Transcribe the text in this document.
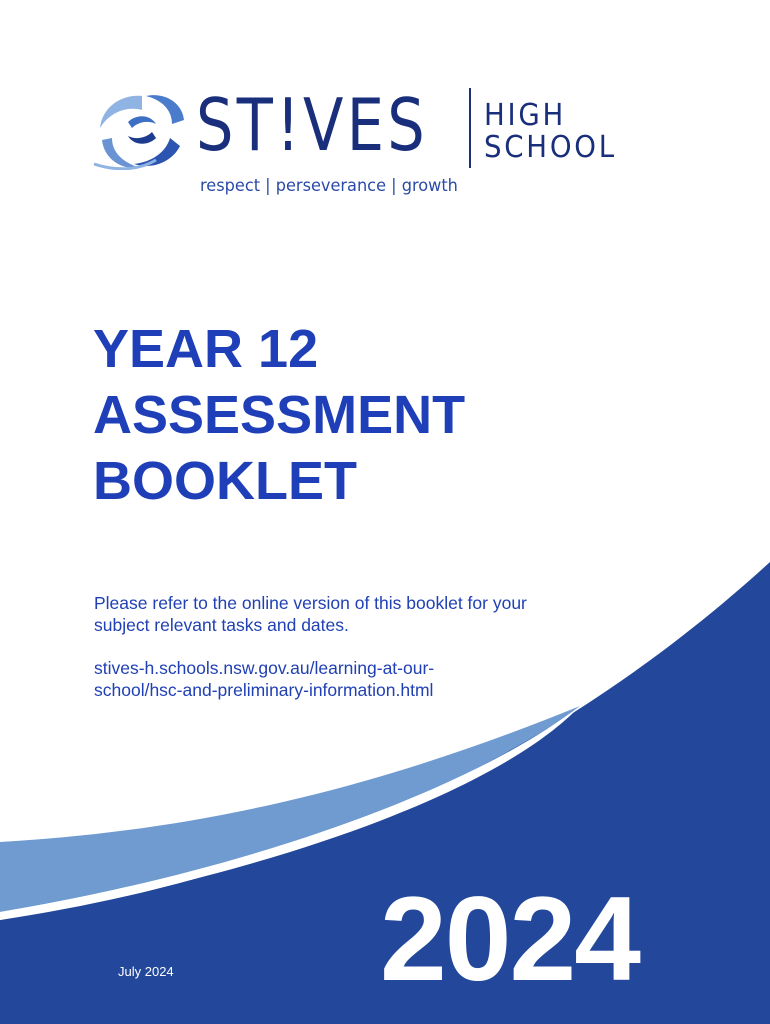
ST!VES HIGH
SCHOOL
respect | perseverance | growth
YEAR 12
ASSESSMENT
BOOKLET

Please refer to the online version of this booklet for your subject relevant tasks and dates.

stives-h.schools.nsw.gov.au/learning-at-our-
school/hsc-and-preliminary-information.html

2024
July 2024
